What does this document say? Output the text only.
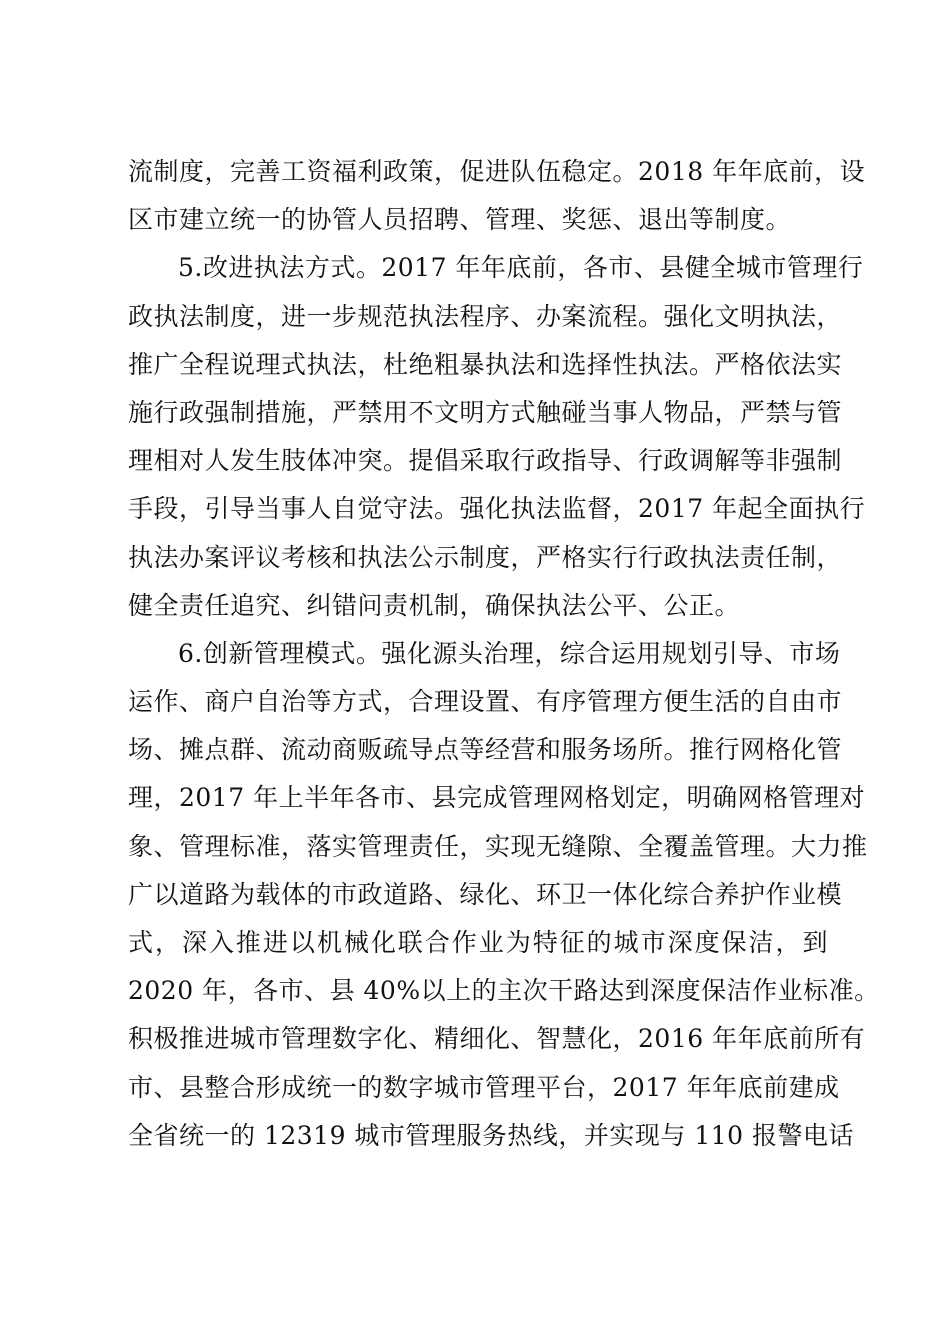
流制度，完善工资福利政策，促进队伍稳定。2018 年年底前，设
区市建立统一的协管人员招聘、管理、奖惩、退出等制度。
5.改进执法方式。2017 年年底前，各市、县健全城市管理行
政执法制度，进一步规范执法程序、办案流程。强化文明执法，
推广全程说理式执法，杜绝粗暴执法和选择性执法。严格依法实
施行政强制措施，严禁用不文明方式触碰当事人物品，严禁与管
理相对人发生肢体冲突。提倡采取行政指导、行政调解等非强制
手段，引导当事人自觉守法。强化执法监督，2017 年起全面执行
执法办案评议考核和执法公示制度，严格实行行政执法责任制，
健全责任追究、纠错问责机制，确保执法公平、公正。
6.创新管理模式。强化源头治理，综合运用规划引导、市场
运作、商户自治等方式，合理设置、有序管理方便生活的自由市
场、摊点群、流动商贩疏导点等经营和服务场所。推行网格化管
理，2017 年上半年各市、县完成管理网格划定，明确网格管理对
象、管理标准，落实管理责任，实现无缝隙、全覆盖管理。大力推
广以道路为载体的市政道路、绿化、环卫一体化综合养护作业模
式，深入推进以机械化联合作业为特征的城市深度保洁，到
2020 年，各市、县 40%以上的主次干路达到深度保洁作业标准。
积极推进城市管理数字化、精细化、智慧化，2016 年年底前所有
市、县整合形成统一的数字城市管理平台，2017 年年底前建成
全省统一的 12319 城市管理服务热线，并实现与 110 报警电话
